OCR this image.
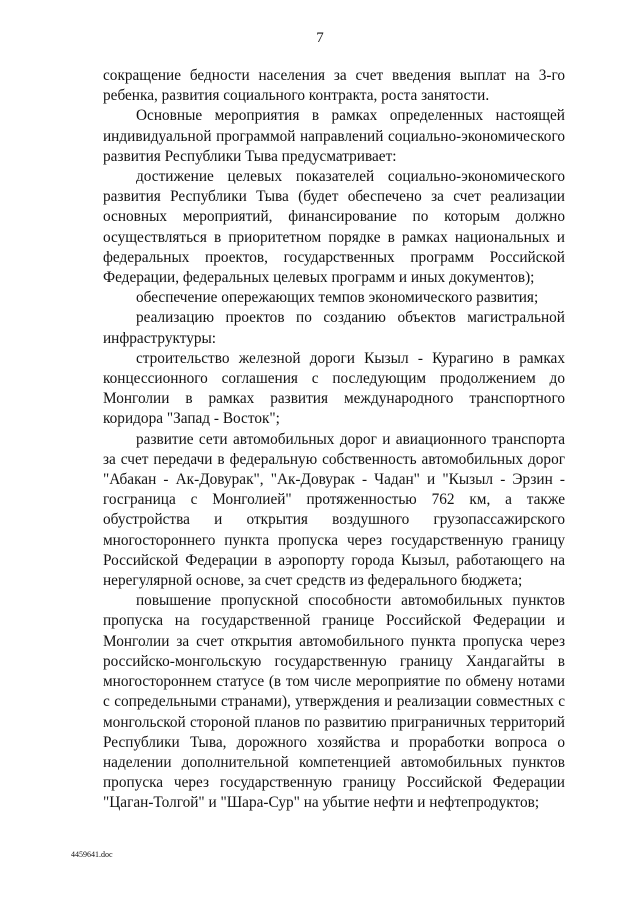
7

сокращение бедности населения за счет введения выплат на 3-го ребенка, развития социального контракта, роста занятости.

Основные мероприятия в рамках определенных настоящей индивидуальной программой направлений социально-экономического развития Республики Тыва предусматривает:

достижение целевых показателей социально-экономического развития Республики Тыва (будет обеспечено за счет реализации основных мероприятий, финансирование по которым должно осуществляться в приоритетном порядке в рамках национальных и федеральных проектов, государственных программ Российской Федерации, федеральных целевых программ и иных документов);

обеспечение опережающих темпов экономического развития;

реализацию проектов по созданию объектов магистральной инфраструктуры:

строительство железной дороги Кызыл - Курагино в рамках концессионного соглашения с последующим продолжением до Монголии в рамках развития международного транспортного коридора "Запад - Восток";

развитие сети автомобильных дорог и авиационного транспорта за счет передачи в федеральную собственность автомобильных дорог "Абакан - Ак-Довурак", "Ак-Довурак - Чадан" и "Кызыл - Эрзин - госграница с Монголией" протяженностью 762 км, а также обустройства и открытия воздушного грузопассажирского многостороннего пункта пропуска через государственную границу Российской Федерации в аэропорту города Кызыл, работающего на нерегулярной основе, за счет средств из федерального бюджета;

повышение пропускной способности автомобильных пунктов пропуска на государственной границе Российской Федерации и Монголии за счет открытия автомобильного пункта пропуска через российско-монгольскую государственную границу Хандагайты в многостороннем статусе (в том числе мероприятие по обмену нотами с сопредельными странами), утверждения и реализации совместных с монгольской стороной планов по развитию приграничных территорий Республики Тыва, дорожного хозяйства и проработки вопроса о наделении дополнительной компетенцией автомобильных пунктов пропуска через государственную границу Российской Федерации "Цаган-Толгой" и "Шара-Сур" на убытие нефти и нефтепродуктов;

4459641.doc
